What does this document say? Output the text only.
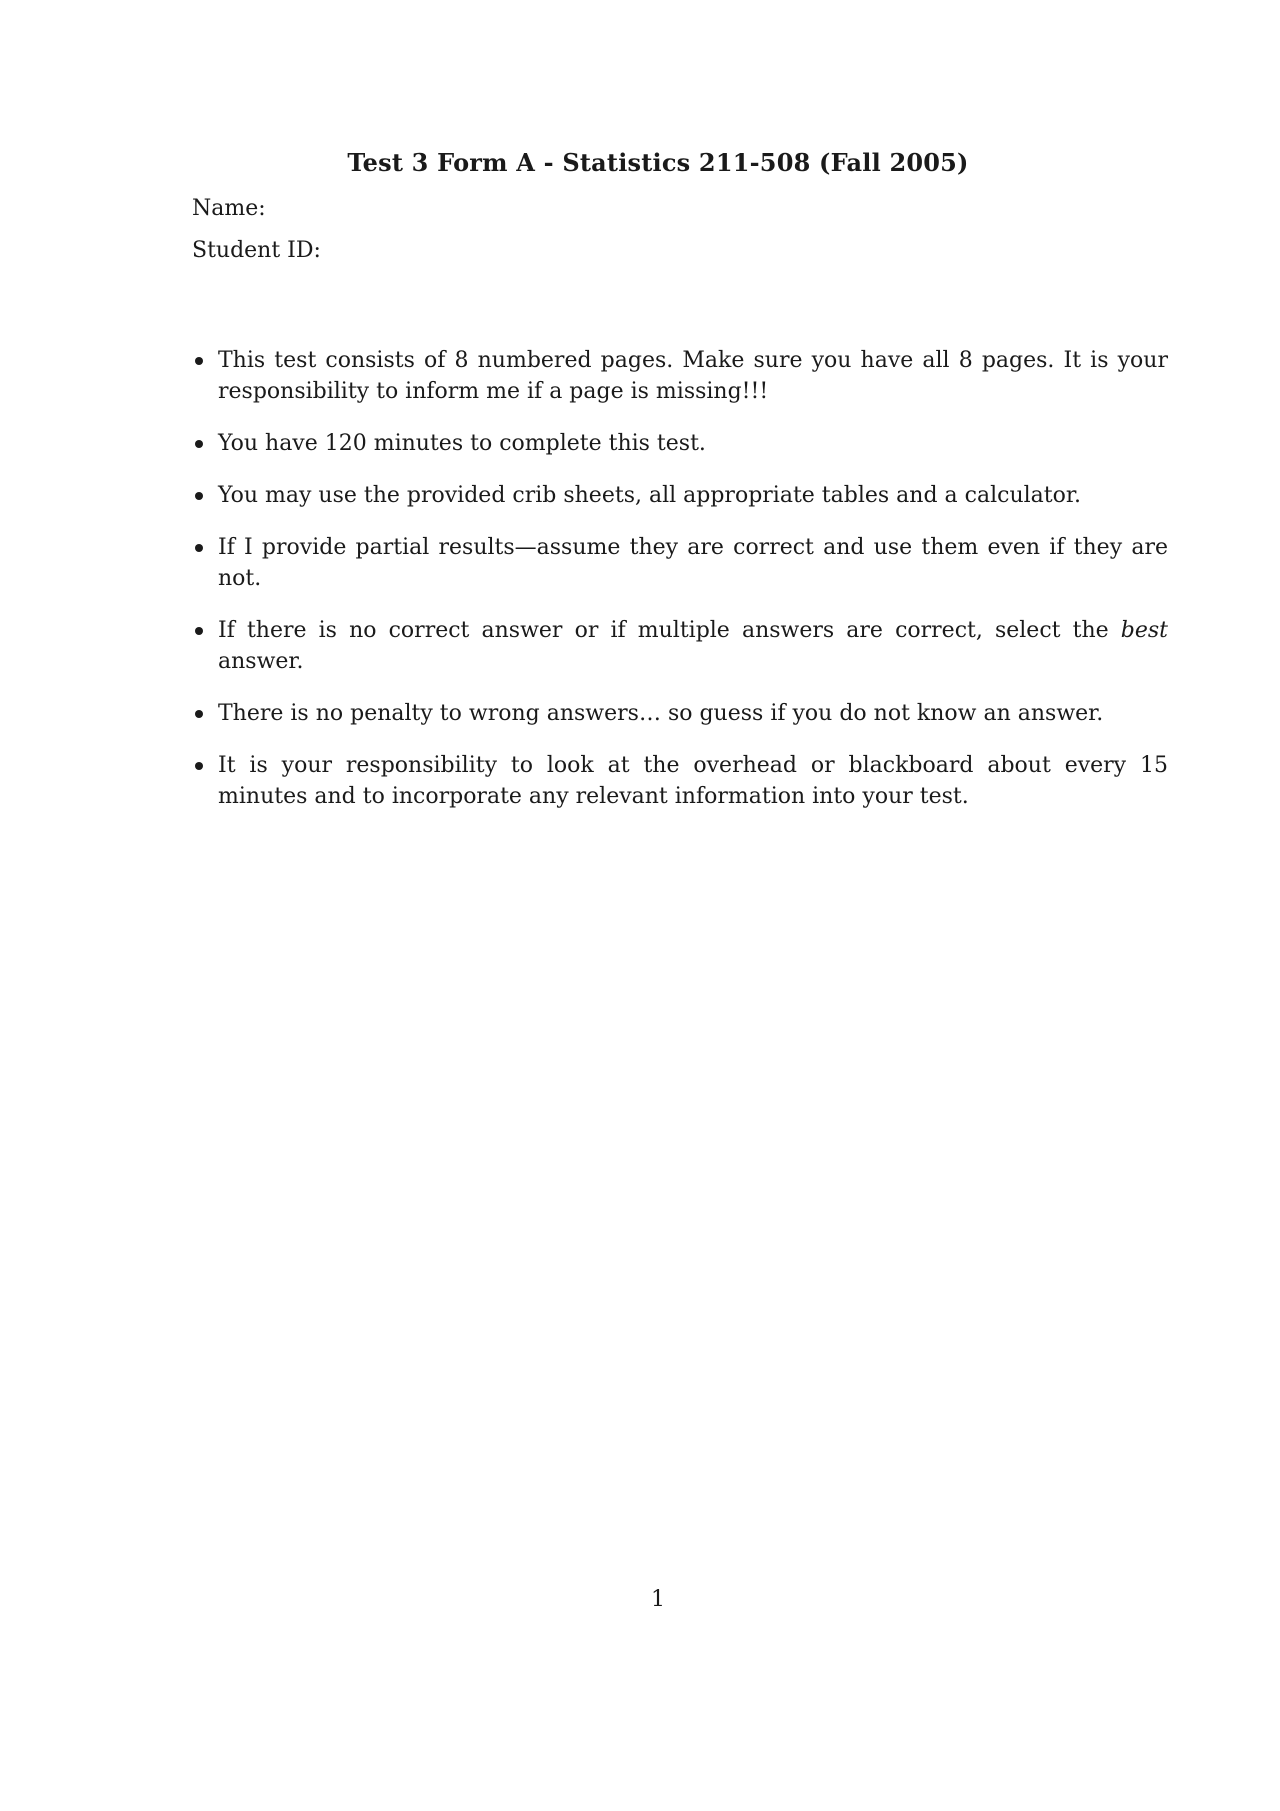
Test 3 Form A - Statistics 211-508 (Fall 2005)
Name:
Student ID:
This test consists of 8 numbered pages. Make sure you have all 8 pages. It is your responsibility to inform me if a page is missing!!!
You have 120 minutes to complete this test.
You may use the provided crib sheets, all appropriate tables and a calculator.
If I provide partial results—assume they are correct and use them even if they are not.
If there is no correct answer or if multiple answers are correct, select the best answer.
There is no penalty to wrong answers… so guess if you do not know an answer.
It is your responsibility to look at the overhead or blackboard about every 15 minutes and to incorporate any relevant information into your test.
1
